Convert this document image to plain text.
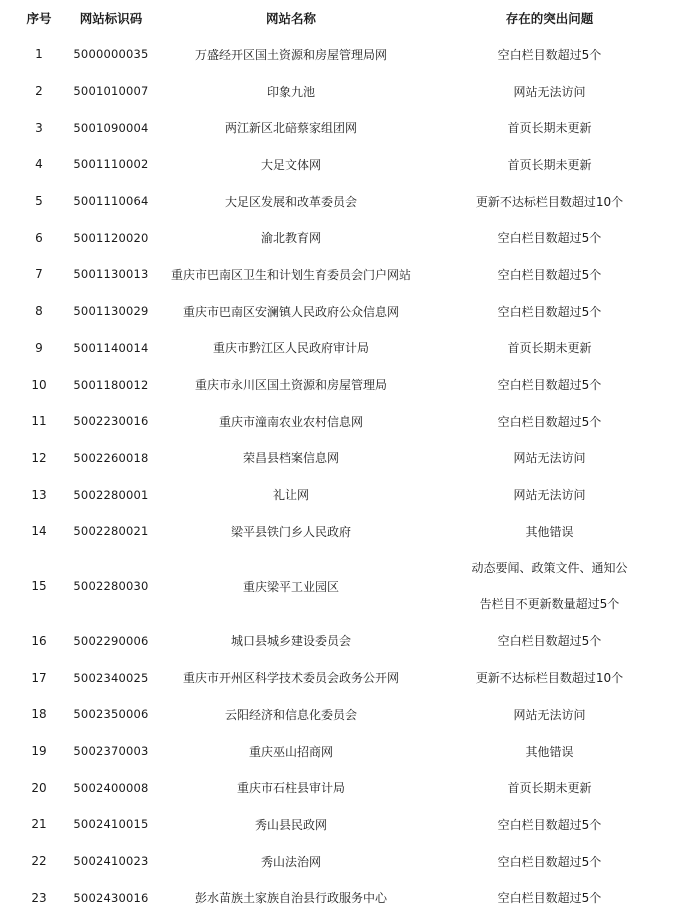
序号	网站标识码	网站名称	存在的突出问题
1	5000000035	万盛经开区国土资源和房屋管理局网	空白栏目数超过5个
2	5001010007	印象九池	网站无法访问
3	5001090004	两江新区北碚蔡家组团网	首页长期未更新
4	5001110002	大足文体网	首页长期未更新
5	5001110064	大足区发展和改革委员会	更新不达标栏目数超过10个
6	5001120020	渝北教育网	空白栏目数超过5个
7	5001130013	重庆市巴南区卫生和计划生育委员会门户网站	空白栏目数超过5个
8	5001130029	重庆市巴南区安澜镇人民政府公众信息网	空白栏目数超过5个
9	5001140014	重庆市黔江区人民政府审计局	首页长期未更新
10	5001180012	重庆市永川区国土资源和房屋管理局	空白栏目数超过5个
11	5002230016	重庆市潼南农业农村信息网	空白栏目数超过5个
12	5002260018	荣昌县档案信息网	网站无法访问
13	5002280001	礼让网	网站无法访问
14	5002280021	梁平县铁门乡人民政府	其他错误
15	5002280030	重庆梁平工业园区	动态要闻、政策文件、通知公
告栏目不更新数量超过5个

16	5002290006	城口县城乡建设委员会	空白栏目数超过5个
17	5002340025	重庆市开州区科学技术委员会政务公开网	更新不达标栏目数超过10个
18	5002350006	云阳经济和信息化委员会	网站无法访问
19	5002370003	重庆巫山招商网	其他错误
20	5002400008	重庆市石柱县审计局	首页长期未更新
21	5002410015	秀山县民政网	空白栏目数超过5个
22	5002410023	秀山法治网	空白栏目数超过5个
23	5002430016	彭水苗族土家族自治县行政服务中心	空白栏目数超过5个
